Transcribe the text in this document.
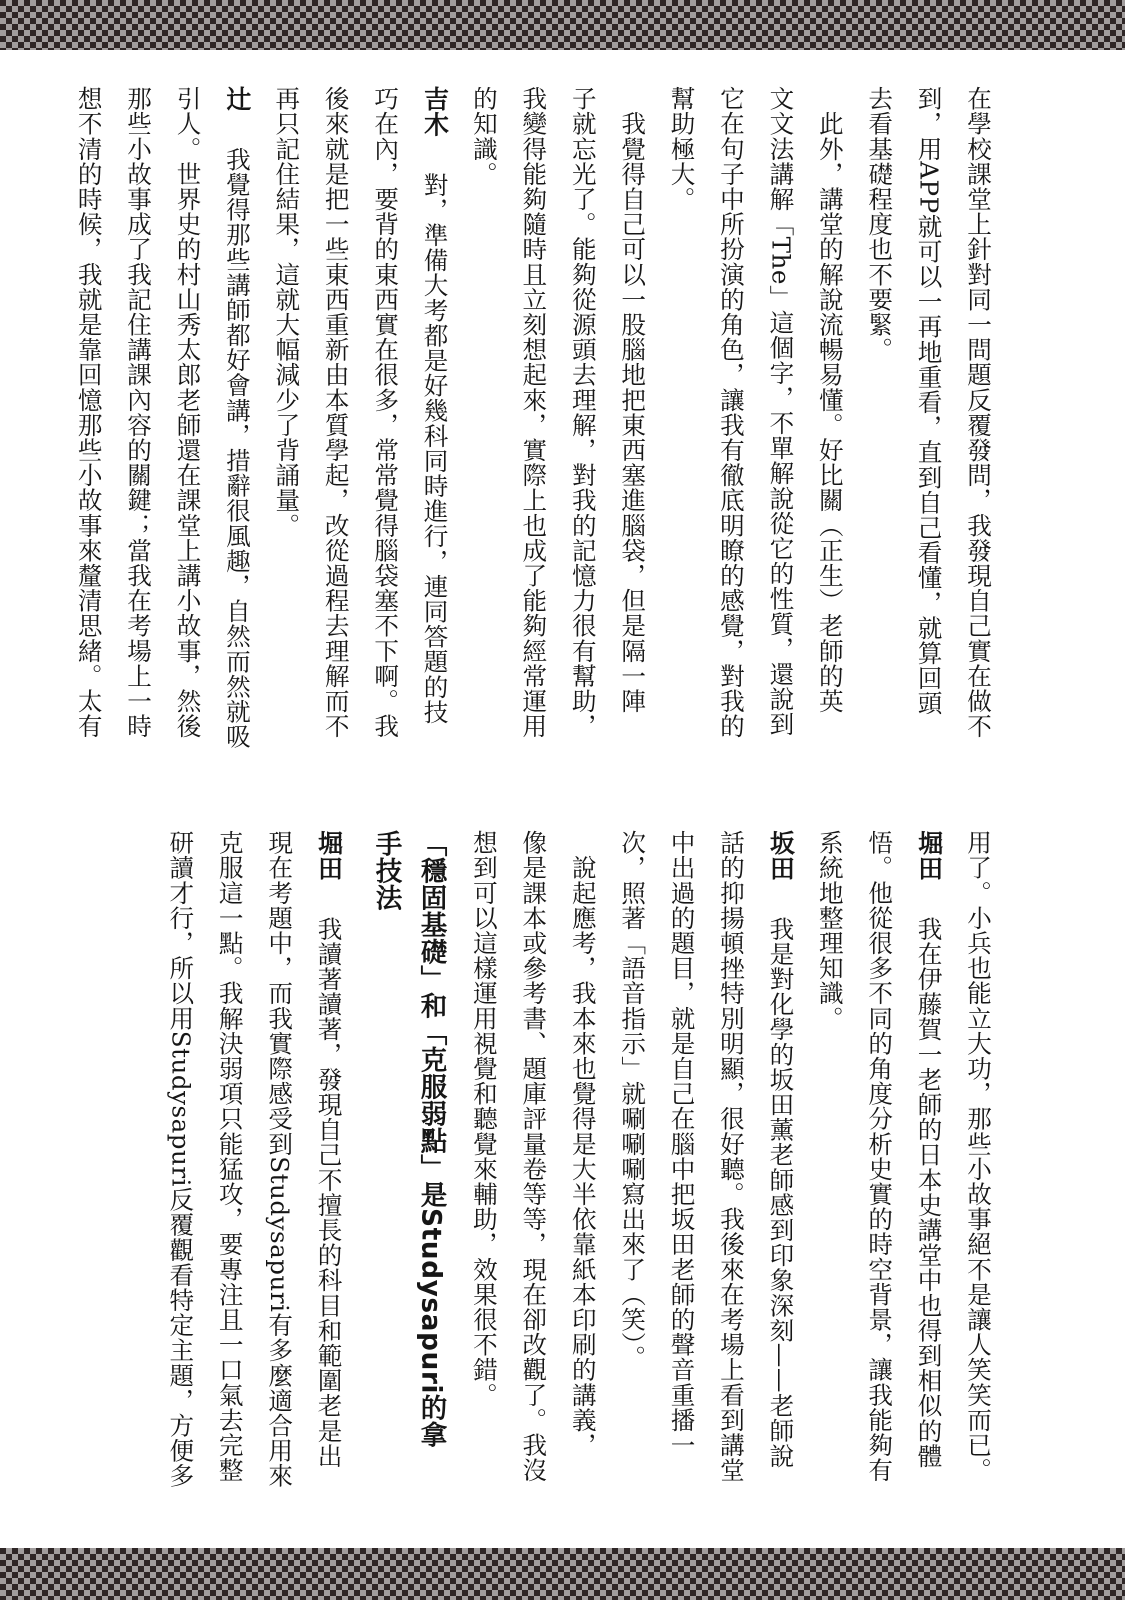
在學校課堂上針對同一問題反覆發問，我發現自己實在做不

到，用APP就可以一再地重看，直到自己看懂，就算回頭

去看基礎程度也不要緊。

　此外，講堂的解說流暢易懂。好比關（正生）老師的英

文文法講解「The」這個字，不單解說從它的性質，還說到

它在句子中所扮演的角色，讓我有徹底明瞭的感覺，對我的

幫助極大。

　我覺得自己可以一股腦地把東西塞進腦袋，但是隔一陣

子就忘光了。能夠從源頭去理解，對我的記憶力很有幫助，

我變得能夠隨時且立刻想起來，實際上也成了能夠經常運用

的知識。

吉木　對，準備大考都是好幾科同時進行，連同答題的技

巧在內，要背的東西實在很多，常常覺得腦袋塞不下啊。我

後來就是把一些東西重新由本質學起，改從過程去理解而不

再只記住結果，這就大幅減少了背誦量。

辻　我覺得那些講師都好會講，措辭很風趣，自然而然就吸

引人。世界史的村山秀太郎老師還在課堂上講小故事，然後

那些小故事成了我記住講課內容的關鍵；當我在考場上一時

想不清的時候，我就是靠回憶那些小故事來釐清思緒。太有

用了。小兵也能立大功，那些小故事絕不是讓人笑笑而已。

堀田　我在伊藤賀一老師的日本史講堂中也得到相似的體

悟。他從很多不同的角度分析史實的時空背景，讓我能夠有

系統地整理知識。

坂田　我是對化學的坂田薰老師感到印象深刻——老師說

話的抑揚頓挫特別明顯，很好聽。我後來在考場上看到講堂

中出過的題目，就是自己在腦中把坂田老師的聲音重播一

次，照著「語音指示」就唰唰唰寫出來了（笑）。

　說起應考，我本來也覺得是大半依靠紙本印刷的講義，

像是課本或參考書、題庫評量卷等等，現在卻改觀了。我沒

想到可以這樣運用視覺和聽覺來輔助，效果很不錯。

「穩固基礎」和「克服弱點」是Studysapuri的拿
手技法

堀田　我讀著讀著，發現自己不擅長的科目和範圍老是出

現在考題中，而我實際感受到Studysapuri有多麼適合用來

克服這一點。我解決弱項只能猛攻，要專注且一口氣去完整

研讀才行，所以用Studysapuri反覆觀看特定主題，方便多
